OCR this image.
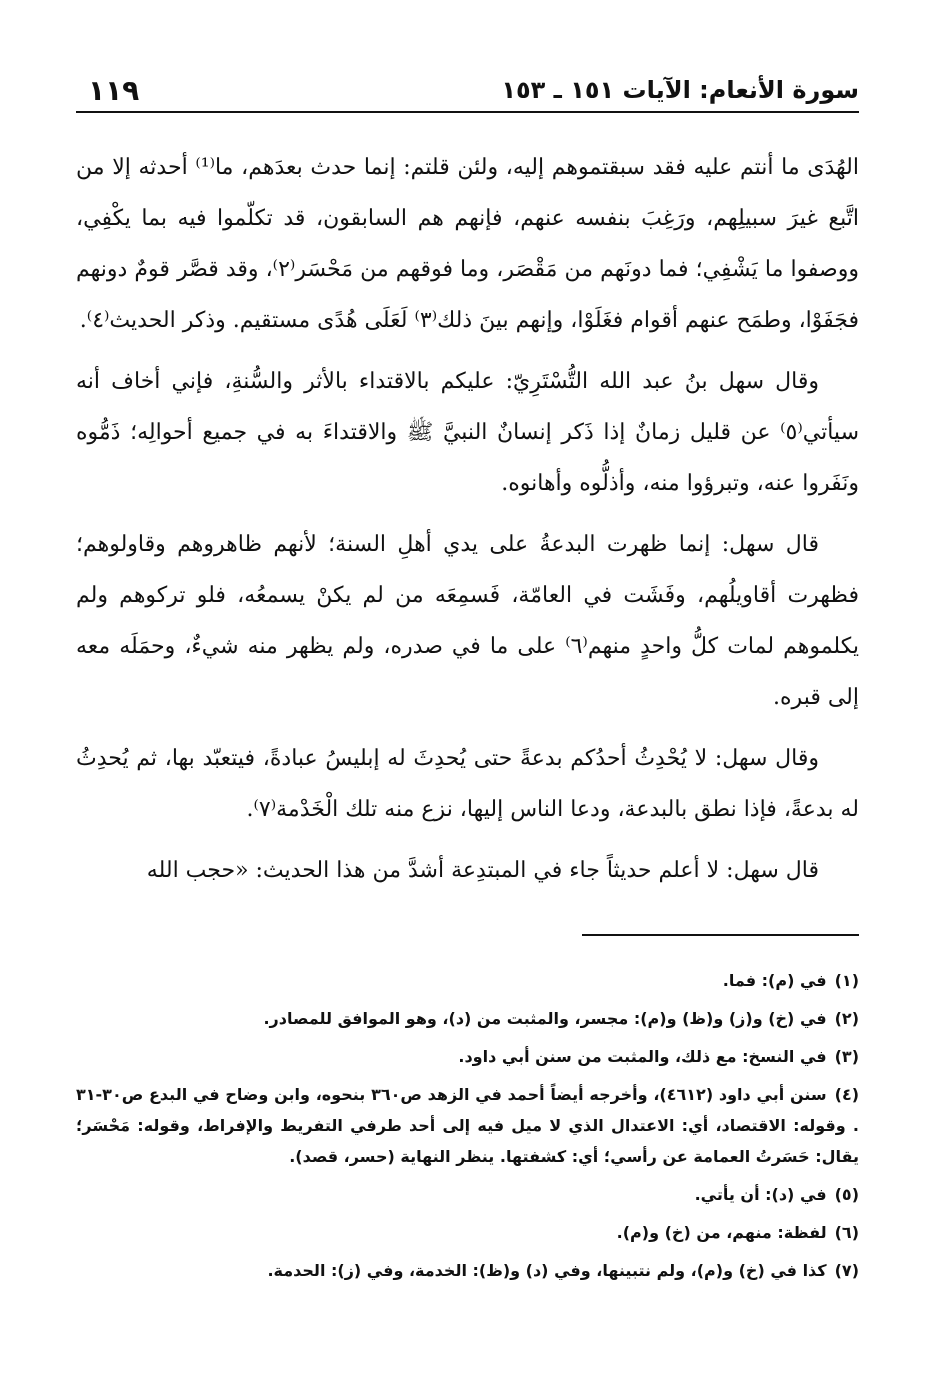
سورة الأنعام: الآيات ١٥١ ـ ١٥٣
١١٩

الهُدَى ما أنتم عليه فقد سبقتموهم إليه، ولئن قلتم: إنما حدث بعدَهم، ما⁽¹⁾ أحدثه إلا من اتَّبع غيرَ سبيلِهم، ورَغِبَ بنفسه عنهم، فإنهم هم السابقون، قد تكلّموا فيه بما يكْفِي، ووصفوا ما يَشْفِي؛ فما دونَهم من مَقْصَر، وما فوقهم من مَحْسَر⁽٢⁾، وقد قصَّر قومٌ دونهم فجَفَوْا، وطمَح عنهم أقوام فغَلَوْا، وإنهم بينَ ذلك⁽٣⁾ لَعَلَى هُدًى مستقيم. وذكر الحديث⁽٤⁾.

وقال سهل بنُ عبد الله التُّسْتَرِيّ: عليكم بالاقتداء بالأثر والسُّنةِ، فإني أخاف أنه سيأتي⁽٥⁾ عن قليل زمانٌ إذا ذَكر إنسانٌ النبيَّ ﷺ والاقتداءَ به في جميع أحوالِه؛ ذَمُّوه ونَفَروا عنه، وتبرؤوا منه، وأذلُّوه وأهانوه.

قال سهل: إنما ظهرت البدعةُ على يدي أهلِ السنة؛ لأنهم ظاهروهم وقاولوهم؛ فظهرت أقاويلُهم، وفَشَت في العامّة، فَسمِعَه من لم يكنْ يسمعُه، فلو تركوهم ولم يكلموهم لمات كلُّ واحدٍ منهم⁽٦⁾ على ما في صدره، ولم يظهر منه شيءٌ، وحمَلَه معه إلى قبره.

وقال سهل: لا يُحْدِثُ أحدُكم بدعةً حتى يُحدِثَ له إبليسُ عبادةً، فيتعبّد بها، ثم يُحدِثُ له بدعةً، فإذا نطق بالبدعة، ودعا الناس إليها، نزع منه تلك الْخَدْمة⁽٧⁾.

قال سهل: لا أعلم حديثاً جاء في المبتدِعة أشدَّ من هذا الحديث: «حجب الله

(١)في (م): فما.
(٢)في (خ) و(ز) و(ظ) و(م): مجسر، والمثبت من (د)، وهو الموافق للمصادر.
(٣)في النسخ: مع ذلك، والمثبت من سنن أبي داود.
(٤)سنن أبي داود (٤٦١٢)، وأخرجه أيضاً أحمد في الزهد ص٣٦٠ بنحوه، وابن وضاح في البدع ص٣٠-٣١ . وقوله: الاقتصاد، أي: الاعتدال الذي لا ميل فيه إلى أحد طرفي التفريط والإفراط، وقوله: مَحْسَر؛ يقال: حَسَرتُ العمامة عن رأسي؛ أي: كشفتها. ينظر النهاية (حسر، قصد).
(٥)في (د): أن يأتي.
(٦)لفظة: منهم، من (خ) و(م).
(٧)كذا في (خ) و(م)، ولم نتبينها، وفي (د) و(ظ): الخدمة، وفي (ز): الحدمة.
